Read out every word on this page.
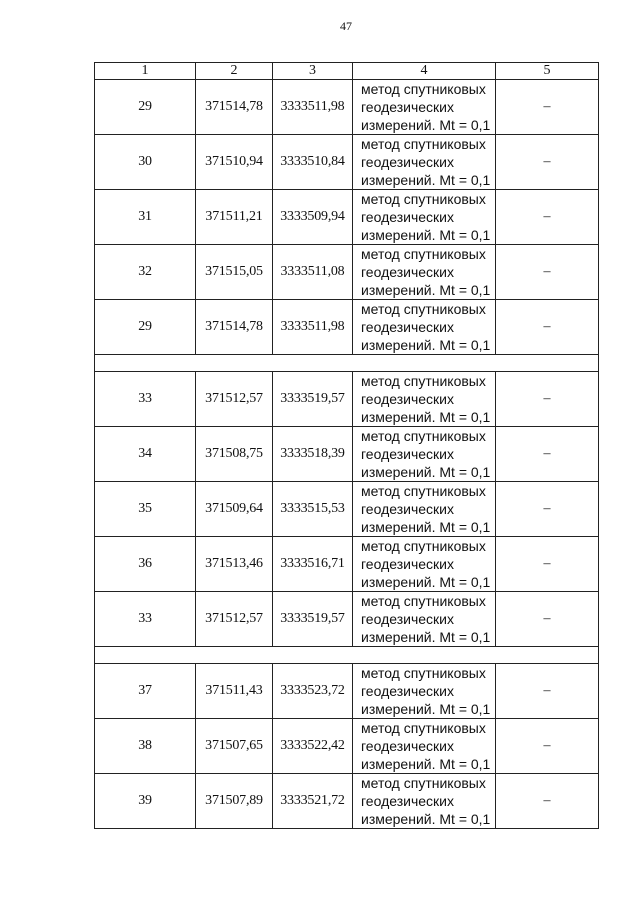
47
1	2	3	4	5
29	371514,78	3333511,98	метод спутниковых
геодезических
измерений. Mt = 0,1	–
30	371510,94	3333510,84	метод спутниковых
геодезических
измерений. Mt = 0,1	–
31	371511,21	3333509,94	метод спутниковых
геодезических
измерений. Mt = 0,1	–
32	371515,05	3333511,08	метод спутниковых
геодезических
измерений. Mt = 0,1	–
29	371514,78	3333511,98	метод спутниковых
геодезических
измерений. Mt = 0,1	–

33	371512,57	3333519,57	метод спутниковых
геодезических
измерений. Mt = 0,1	–
34	371508,75	3333518,39	метод спутниковых
геодезических
измерений. Mt = 0,1	–
35	371509,64	3333515,53	метод спутниковых
геодезических
измерений. Mt = 0,1	–
36	371513,46	3333516,71	метод спутниковых
геодезических
измерений. Mt = 0,1	–
33	371512,57	3333519,57	метод спутниковых
геодезических
измерений. Mt = 0,1	–

37	371511,43	3333523,72	метод спутниковых
геодезических
измерений. Mt = 0,1	–
38	371507,65	3333522,42	метод спутниковых
геодезических
измерений. Mt = 0,1	–
39	371507,89	3333521,72	метод спутниковых
геодезических
измерений. Mt = 0,1	–
